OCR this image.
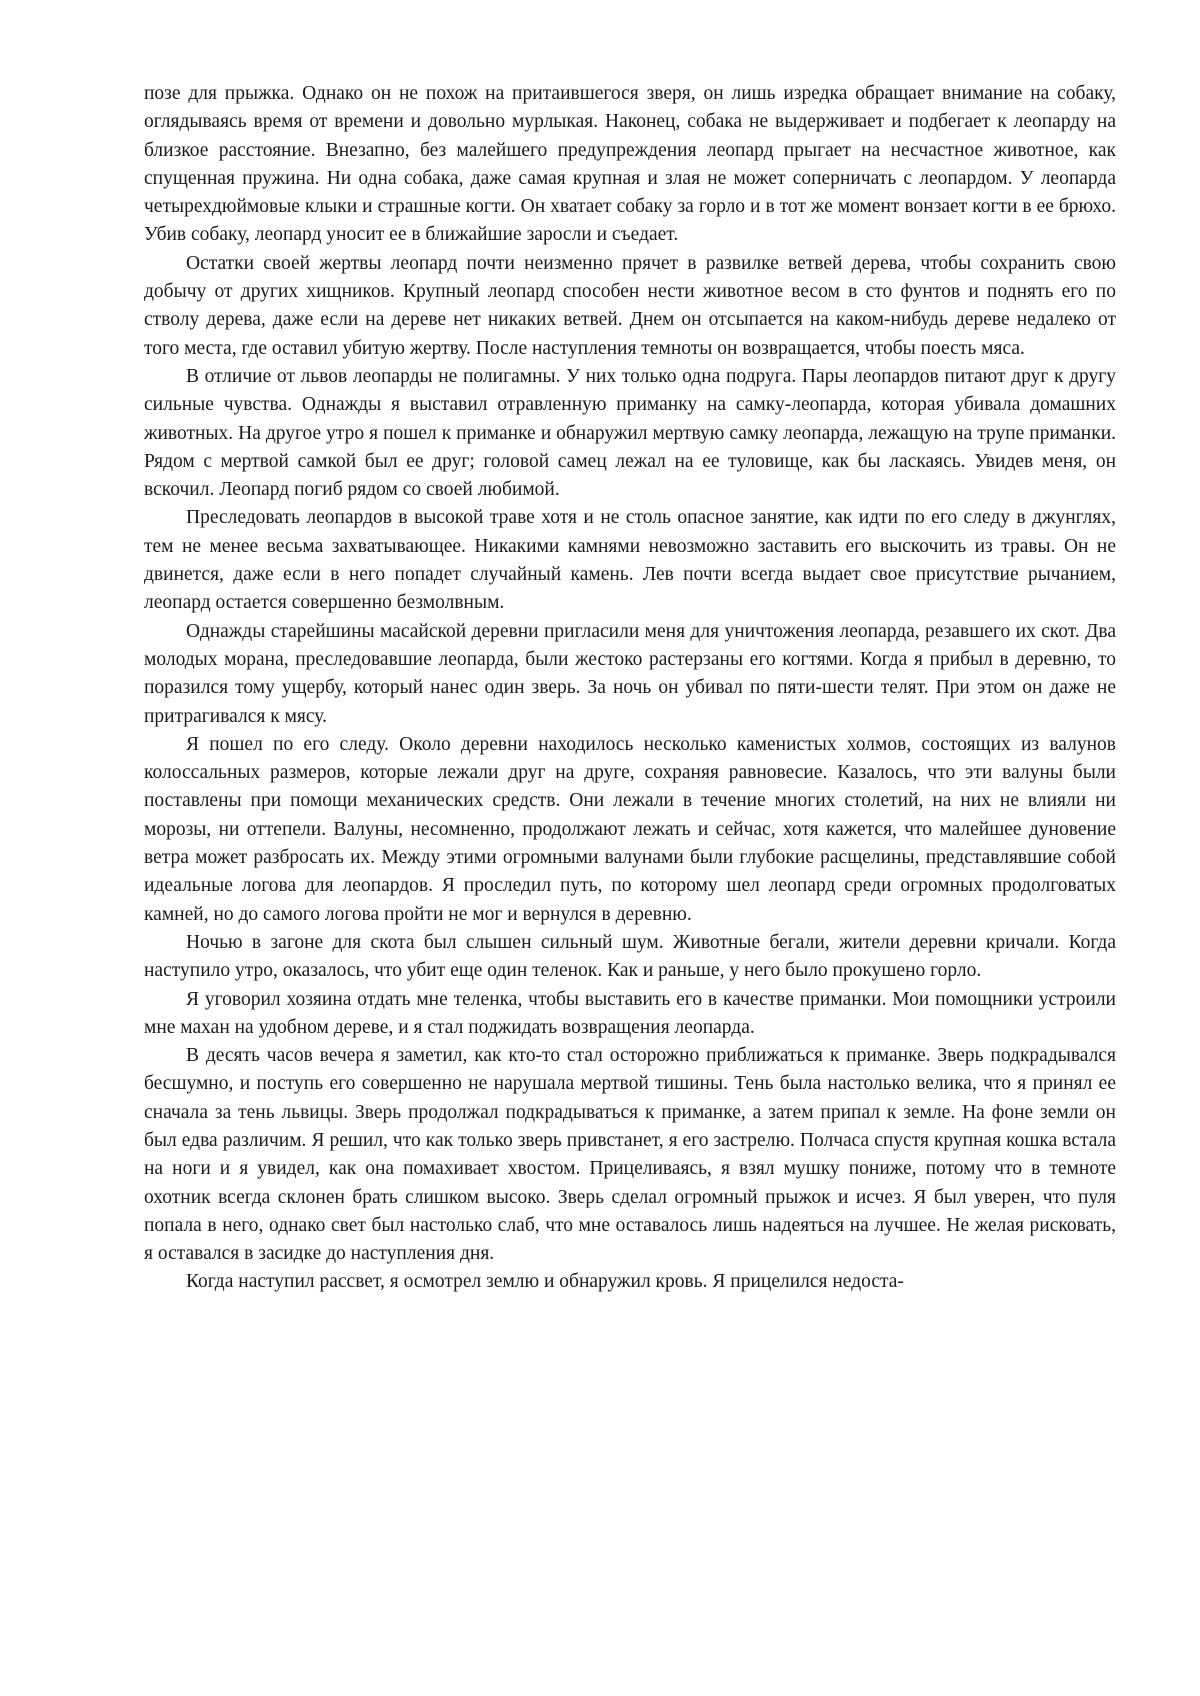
позе для прыжка. Однако он не похож на притаившегося зверя, он лишь изредка обращает внимание на собаку, оглядываясь время от времени и довольно мурлыкая. Наконец, собака не выдерживает и подбегает к леопарду на близкое расстояние. Внезапно, без малейшего предупреждения леопард прыгает на несчастное животное, как спущенная пружина. Ни одна собака, даже самая крупная и злая не может соперничать с леопардом. У леопарда четырехдюймовые клыки и страшные когти. Он хватает собаку за горло и в тот же момент вонзает когти в ее брюхо. Убив собаку, леопард уносит ее в ближайшие заросли и съедает.

Остатки своей жертвы леопард почти неизменно прячет в развилке ветвей дерева, чтобы сохранить свою добычу от других хищников. Крупный леопард способен нести животное весом в сто фунтов и поднять его по стволу дерева, даже если на дереве нет никаких ветвей. Днем он отсыпается на каком-нибудь дереве недалеко от того места, где оставил убитую жертву. После наступления темноты он возвращается, чтобы поесть мяса.

В отличие от львов леопарды не полигамны. У них только одна подруга. Пары леопардов питают друг к другу сильные чувства. Однажды я выставил отравленную приманку на самку-леопарда, которая убивала домашних животных. На другое утро я пошел к приманке и обнаружил мертвую самку леопарда, лежащую на трупе приманки. Рядом с мертвой самкой был ее друг; головой самец лежал на ее туловище, как бы ласкаясь. Увидев меня, он вскочил. Леопард погиб рядом со своей любимой.

Преследовать леопардов в высокой траве хотя и не столь опасное занятие, как идти по его следу в джунглях, тем не менее весьма захватывающее. Никакими камнями невозможно заставить его выскочить из травы. Он не двинется, даже если в него попадет случайный камень. Лев почти всегда выдает свое присутствие рычанием, леопард остается совершенно безмолвным.

Однажды старейшины масайской деревни пригласили меня для уничтожения леопарда, резавшего их скот. Два молодых морана, преследовавшие леопарда, были жестоко растерзаны его когтями. Когда я прибыл в деревню, то поразился тому ущербу, который нанес один зверь. За ночь он убивал по пяти-шести телят. При этом он даже не притрагивался к мясу.

Я пошел по его следу. Около деревни находилось несколько каменистых холмов, состоящих из валунов колоссальных размеров, которые лежали друг на друге, сохраняя равновесие. Казалось, что эти валуны были поставлены при помощи механических средств. Они лежали в течение многих столетий, на них не влияли ни морозы, ни оттепели. Валуны, несомненно, продолжают лежать и сейчас, хотя кажется, что малейшее дуновение ветра может разбросать их. Между этими огромными валунами были глубокие расщелины, представлявшие собой идеальные логова для леопардов. Я проследил путь, по которому шел леопард среди огромных продолговатых камней, но до самого логова пройти не мог и вернулся в деревню.

Ночью в загоне для скота был слышен сильный шум. Животные бегали, жители деревни кричали. Когда наступило утро, оказалось, что убит еще один теленок. Как и раньше, у него было прокушено горло.

Я уговорил хозяина отдать мне теленка, чтобы выставить его в качестве приманки. Мои помощники устроили мне махан на удобном дереве, и я стал поджидать возвращения леопарда.

В десять часов вечера я заметил, как кто-то стал осторожно приближаться к приманке. Зверь подкрадывался бесшумно, и поступь его совершенно не нарушала мертвой тишины. Тень была настолько велика, что я принял ее сначала за тень львицы. Зверь продолжал подкрадываться к приманке, а затем припал к земле. На фоне земли он был едва различим. Я решил, что как только зверь привстанет, я его застрелю. Полчаса спустя крупная кошка встала на ноги и я увидел, как она помахивает хвостом. Прицеливаясь, я взял мушку пониже, потому что в темноте охотник всегда склонен брать слишком высоко. Зверь сделал огромный прыжок и исчез. Я был уверен, что пуля попала в него, однако свет был настолько слаб, что мне оставалось лишь надеяться на лучшее. Не желая рисковать, я оставался в засидке до наступления дня.

Когда наступил рассвет, я осмотрел землю и обнаружил кровь. Я прицелился недоста-
